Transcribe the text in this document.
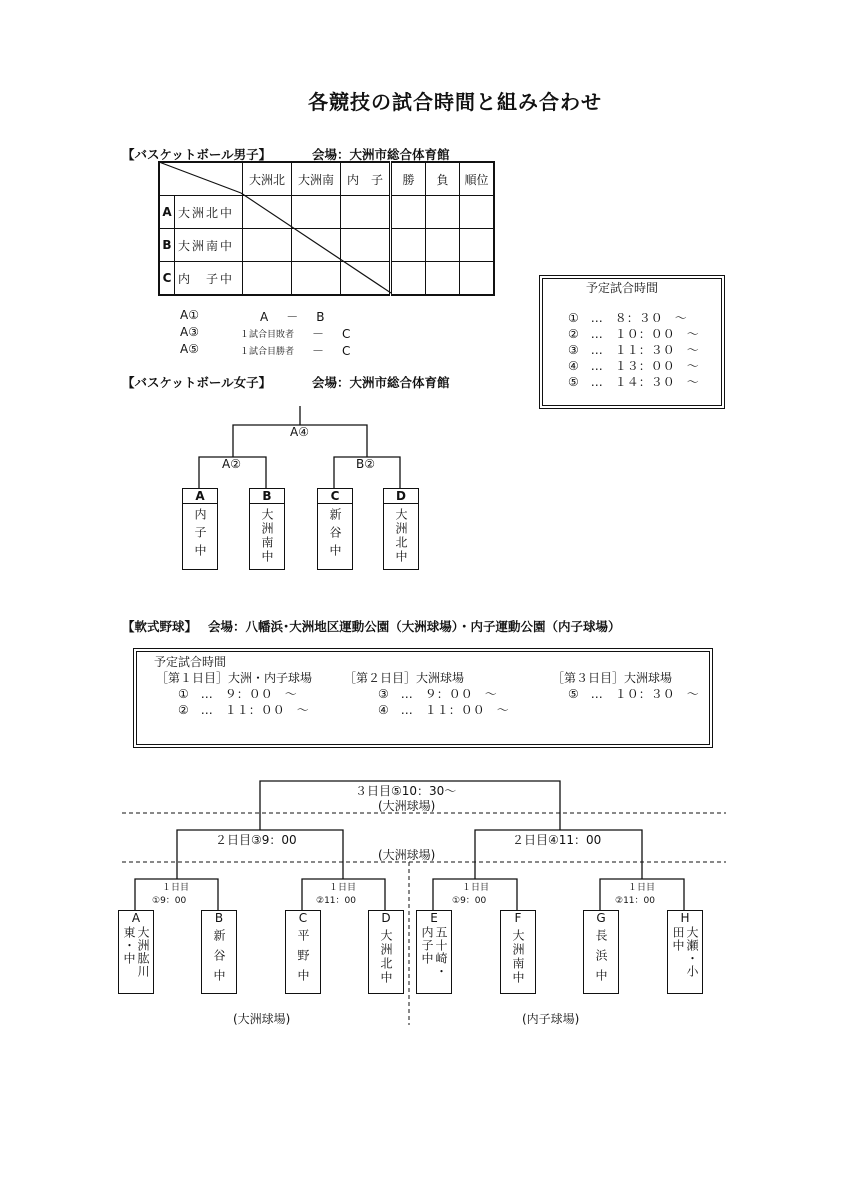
各競技の試合時間と組み合わせ
【バスケットボール男子】	会場：大洲市総合体育館
		大洲北	大洲南	内　子	勝	負	順位
A	大洲北中						
B	大洲南中						
C	内　子中						
A①	A　－　B
A③	１試合目敗者 －　C
A⑤	１試合目勝者 －　C
予定試合時間
①　…　８：３０　～
②　…　１０：００　～
③　…　１１：３０　～
④　…　１３：００　～
⑤　…　１４：３０　～
【バスケットボール女子】	会場：大洲市総合体育館
A④
A②	B②
A
内子中
B
大洲南中
C
新谷中
D
大洲北中
【軟式野球】 会場：八幡浜･大洲地区運動公園（大洲球場）・内子運動公園（内子球場）
予定試合時間
［第１日目］大洲・内子球場
①　…　９：００　～
②　…　１１：００　～
［第２日目］大洲球場
③　…　９：００　～
④　…　１１：００　～
［第３日目］大洲球場
⑤　…　１０：３０　～
３日目⑤10：30～
(大洲球場)
２日目③9：00	２日目④11：00
(大洲球場)
１日目
①9：00
１日目
②11：00
１日目
①9：00
１日目
②11：00
A
大洲肱川東・中
B
新谷中
C
平野中
D
大洲北中
E
五十崎・内子中
F
大洲南中
G
長浜中
H
大瀬・小田中
(大洲球場)	(内子球場)
